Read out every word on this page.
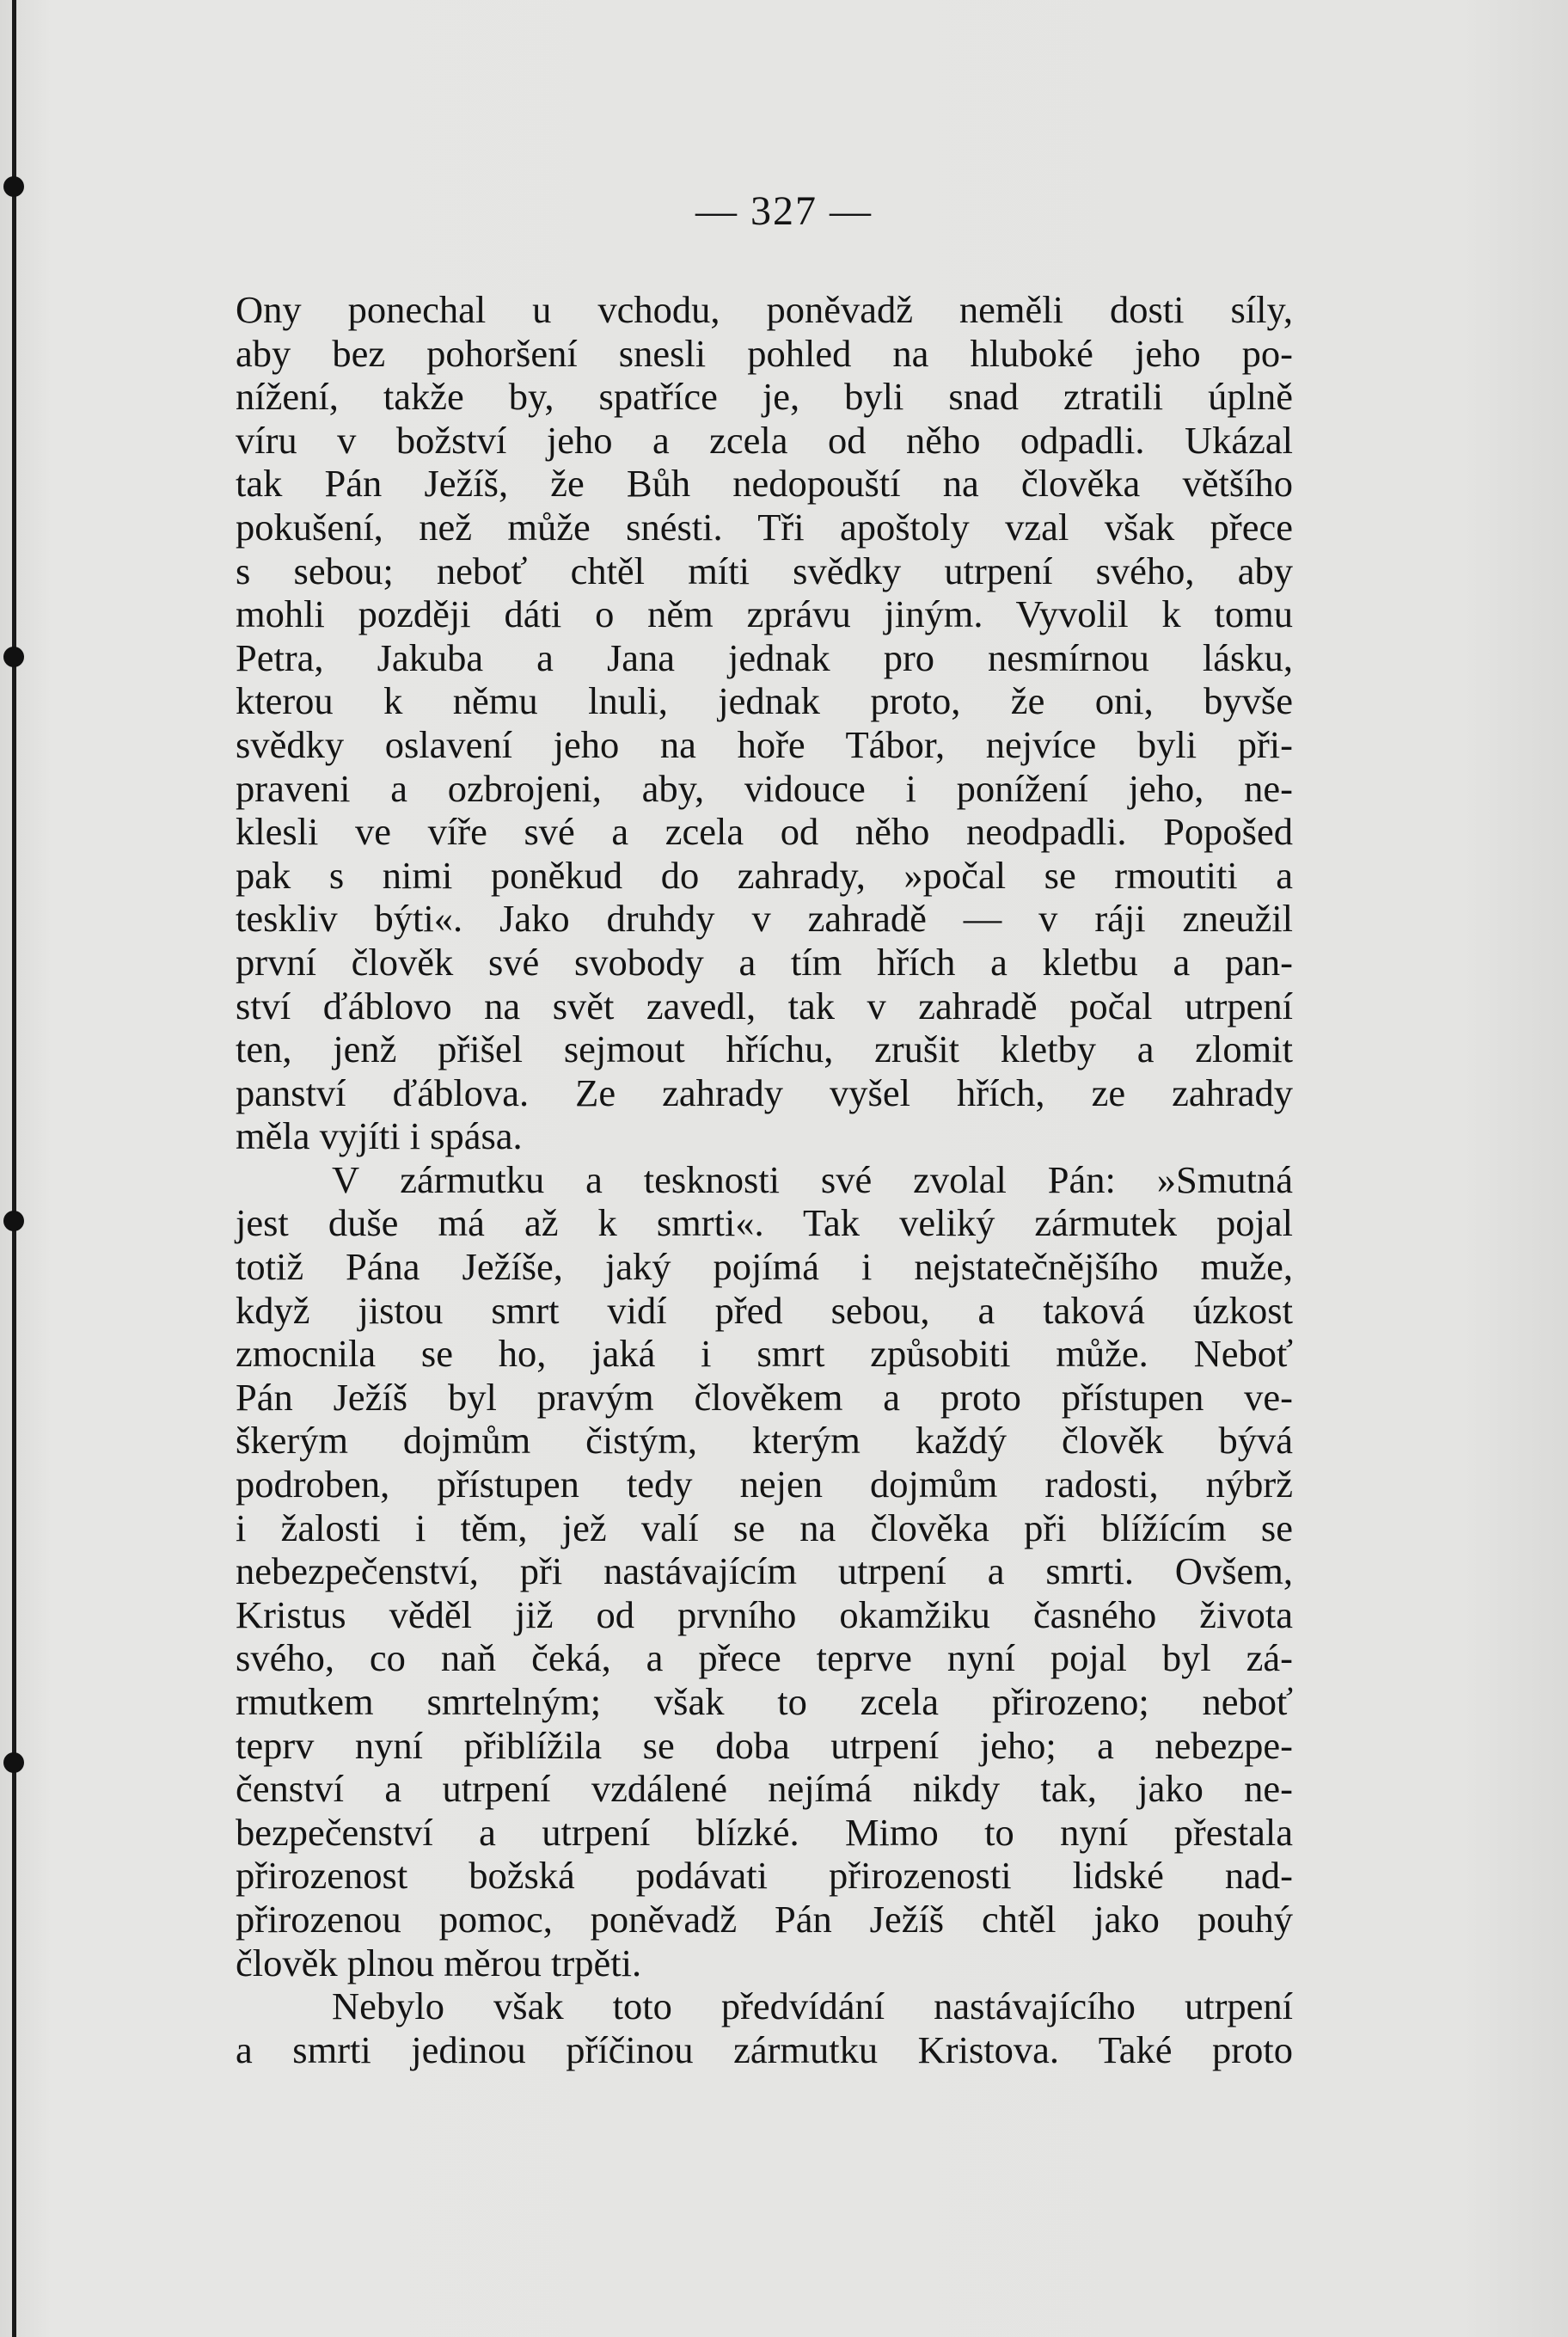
— 327 —
Ony ponechal u vchodu, poněvadž neměli dosti síly,
aby bez pohoršení snesli pohled na hluboké jeho po-
nížení, takže by, spatříce je, byli snad ztratili úplně
víru v božství jeho a zcela od něho odpadli. Ukázal
tak Pán Ježíš, že Bůh nedopouští na člověka většího
pokušení, než může snésti. Tři apoštoly vzal však přece
s sebou; neboť chtěl míti svědky utrpení svého, aby
mohli později dáti o něm zprávu jiným. Vyvolil k tomu
Petra, Jakuba a Jana jednak pro nesmírnou lásku,
kterou k němu lnuli, jednak proto, že oni, byvše
svědky oslavení jeho na hoře Tábor, nejvíce byli při-
praveni a ozbrojeni, aby, vidouce i ponížení jeho, ne-
klesli ve víře své a zcela od něho neodpadli. Popošed
pak s nimi poněkud do zahrady, »počal se rmoutiti a
teskliv býti«. Jako druhdy v zahradě — v ráji zneužil
první člověk své svobody a tím hřích a kletbu a pan-
ství ďáblovo na svět zavedl, tak v zahradě počal utrpení
ten, jenž přišel sejmout hříchu, zrušit kletby a zlomit
panství ďáblova. Ze zahrady vyšel hřích, ze zahrady
měla vyjíti i spása.
V zármutku a tesknosti své zvolal Pán: »Smutná
jest duše má až k smrti«. Tak veliký zármutek pojal
totiž Pána Ježíše, jaký pojímá i nejstatečnějšího muže,
když jistou smrt vidí před sebou, a taková úzkost
zmocnila se ho, jaká i smrt způsobiti může. Neboť
Pán Ježíš byl pravým člověkem a proto přístupen ve-
škerým dojmům čistým, kterým každý člověk bývá
podroben, přístupen tedy nejen dojmům radosti, nýbrž
i žalosti i těm, jež valí se na člověka při blížícím se
nebezpečenství, při nastávajícím utrpení a smrti. Ovšem,
Kristus věděl již od prvního okamžiku časného života
svého, co naň čeká, a přece teprve nyní pojal byl zá-
rmutkem smrtelným; však to zcela přirozeno; neboť
teprv nyní přiblížila se doba utrpení jeho; a nebezpe-
čenství a utrpení vzdálené nejímá nikdy tak, jako ne-
bezpečenství a utrpení blízké. Mimo to nyní přestala
přirozenost božská podávati přirozenosti lidské nad-
přirozenou pomoc, poněvadž Pán Ježíš chtěl jako pouhý
člověk plnou měrou trpěti.
Nebylo však toto předvídání nastávajícího utrpení
a smrti jedinou příčinou zármutku Kristova. Také proto
